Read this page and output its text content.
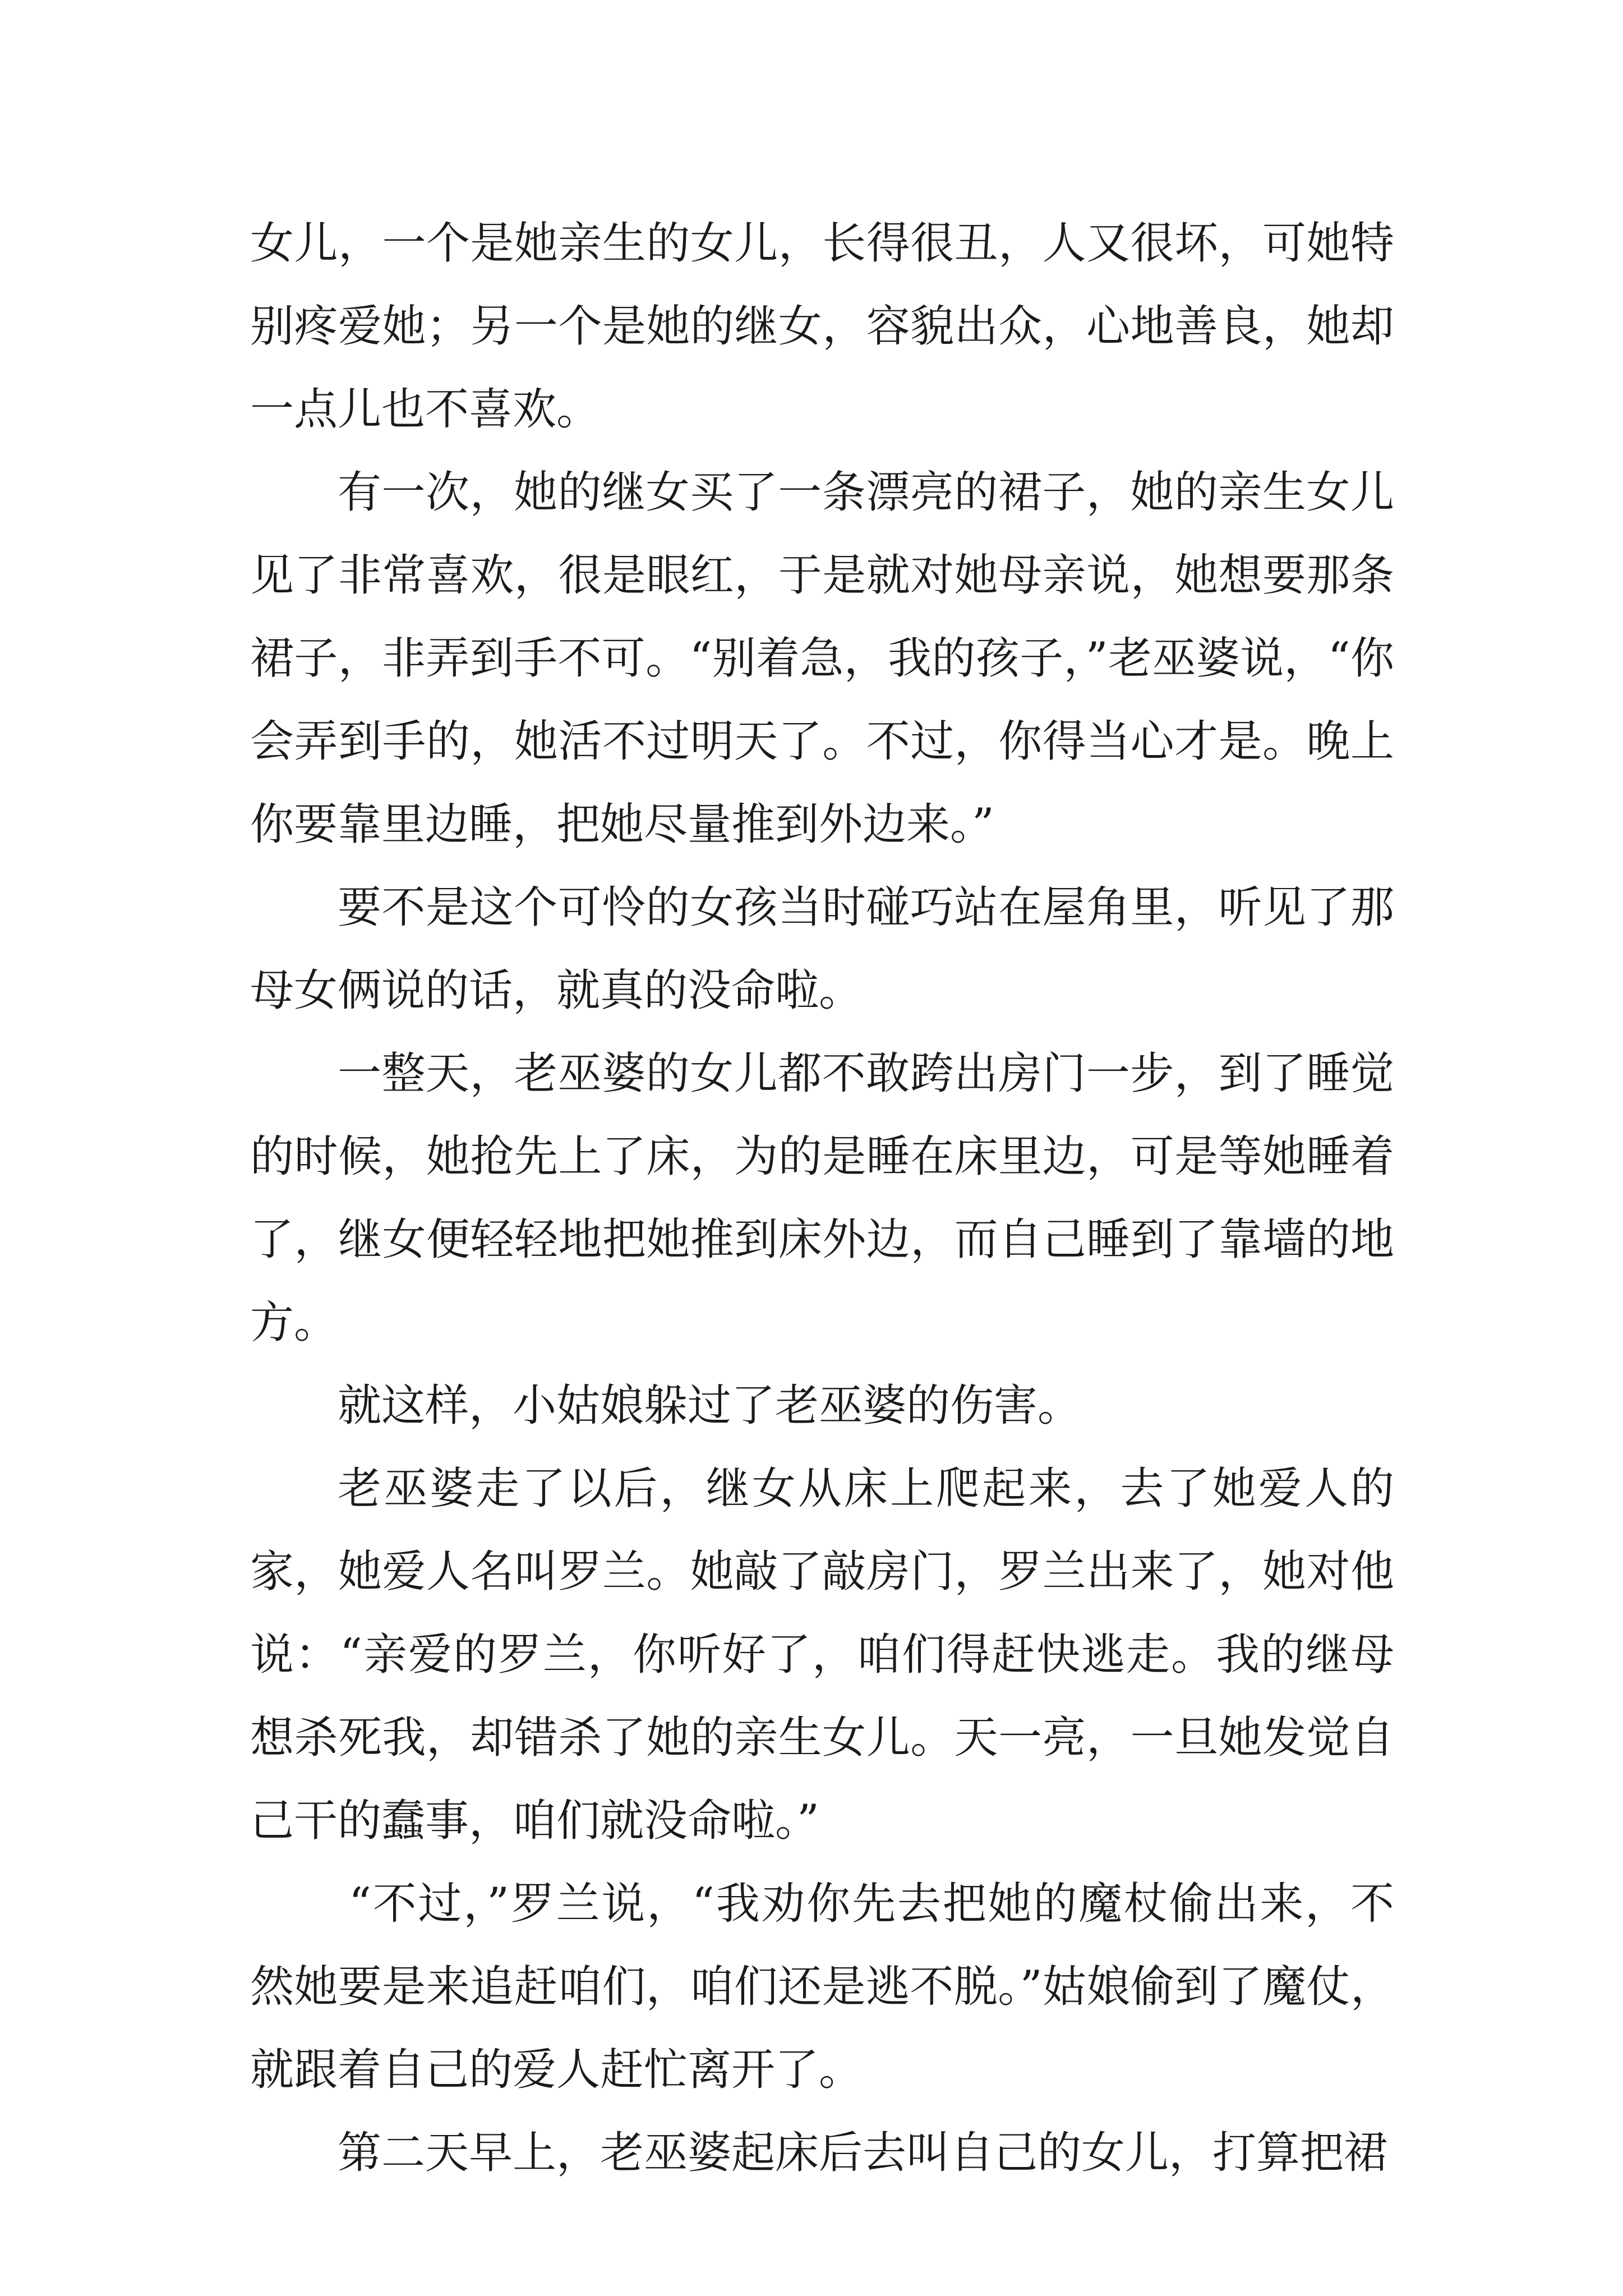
女儿，一个是她亲生的女儿，长得很丑，人又很坏，可她特别疼爱她；另一个是她的继女，容貌出众，心地善良，她却一点儿也不喜欢。

有一次，她的继女买了一条漂亮的裙子，她的亲生女儿见了非常喜欢，很是眼红，于是就对她母亲说，她想要那条裙子，非弄到手不可。“别着急，我的孩子，”老巫婆说，“你会弄到手的，她活不过明天了。不过，你得当心才是。晚上你要靠里边睡，把她尽量推到外边来。”

要不是这个可怜的女孩当时碰巧站在屋角里，听见了那母女俩说的话，就真的没命啦。

一整天，老巫婆的女儿都不敢跨出房门一步，到了睡觉的时候，她抢先上了床，为的是睡在床里边，可是等她睡着了，继女便轻轻地把她推到床外边，而自己睡到了靠墙的地方。

就这样，小姑娘躲过了老巫婆的伤害。

老巫婆走了以后，继女从床上爬起来，去了她爱人的家，她爱人名叫罗兰。她敲了敲房门，罗兰出来了，她对他说：“亲爱的罗兰，你听好了，咱们得赶快逃走。我的继母想杀死我，却错杀了她的亲生女儿。天一亮，一旦她发觉自己干的蠢事，咱们就没命啦。”

“不过，”罗兰说，“我劝你先去把她的魔杖偷出来，不然她要是来追赶咱们，咱们还是逃不脱。”姑娘偷到了魔仗，就跟着自己的爱人赶忙离开了。

第二天早上，老巫婆起床后去叫自己的女儿，打算把裙
